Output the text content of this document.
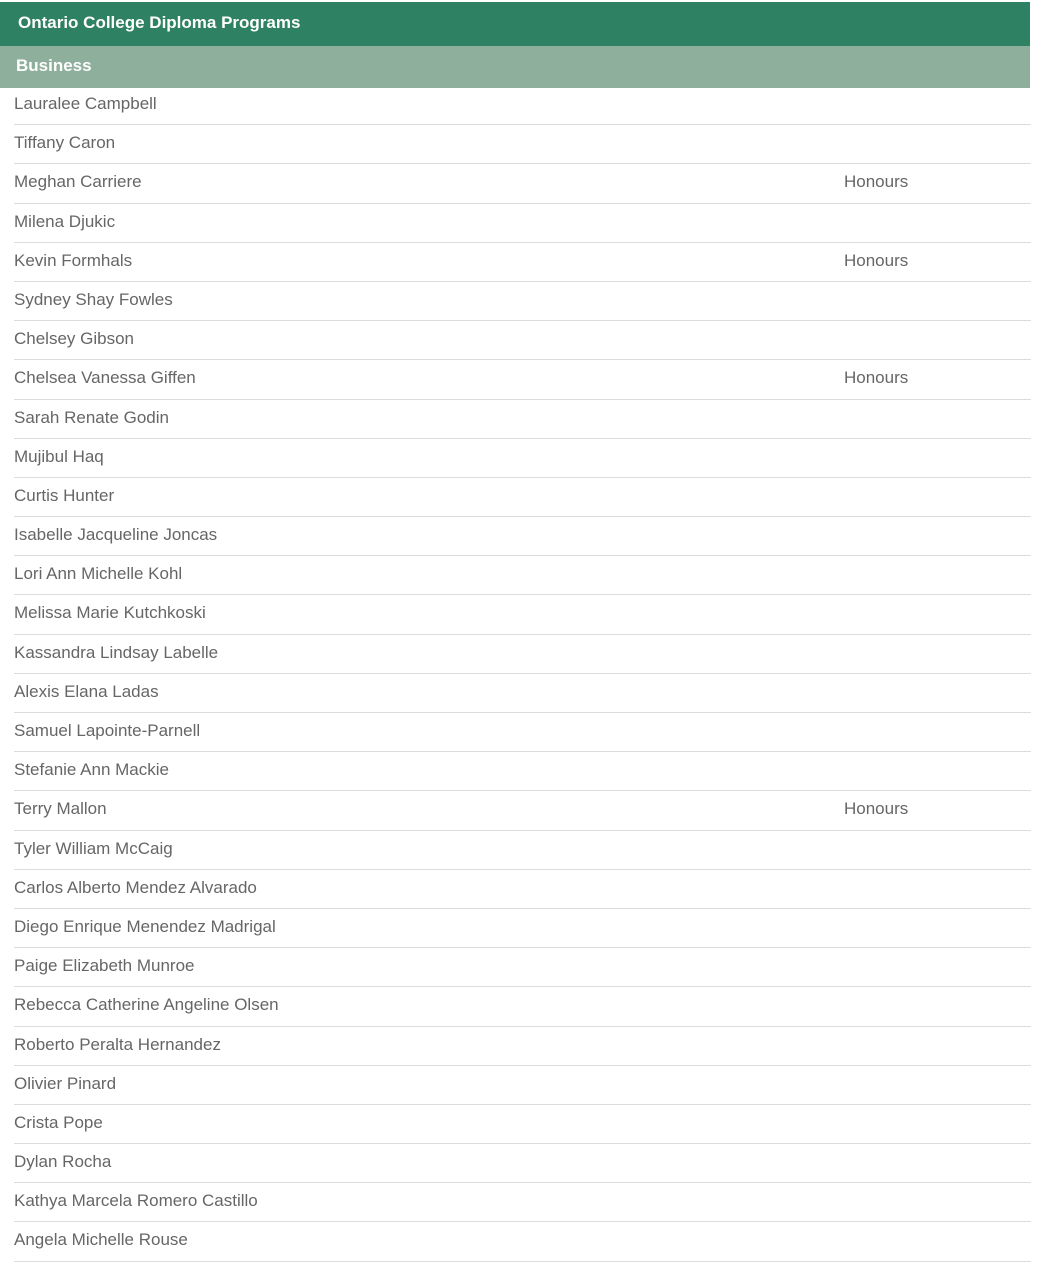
Ontario College Diploma Programs
Business
Lauralee Campbell
Tiffany Caron
Meghan Carriere	Honours
Milena Djukic
Kevin Formhals	Honours
Sydney Shay Fowles
Chelsey Gibson
Chelsea Vanessa Giffen	Honours
Sarah Renate Godin
Mujibul Haq
Curtis Hunter
Isabelle Jacqueline Joncas
Lori Ann Michelle Kohl
Melissa Marie Kutchkoski
Kassandra Lindsay Labelle
Alexis Elana Ladas
Samuel Lapointe-Parnell
Stefanie Ann Mackie
Terry Mallon	Honours
Tyler William McCaig
Carlos Alberto Mendez Alvarado
Diego Enrique Menendez Madrigal
Paige Elizabeth Munroe
Rebecca Catherine Angeline Olsen
Roberto Peralta Hernandez
Olivier Pinard
Crista Pope
Dylan Rocha
Kathya Marcela Romero Castillo
Angela Michelle Rouse
